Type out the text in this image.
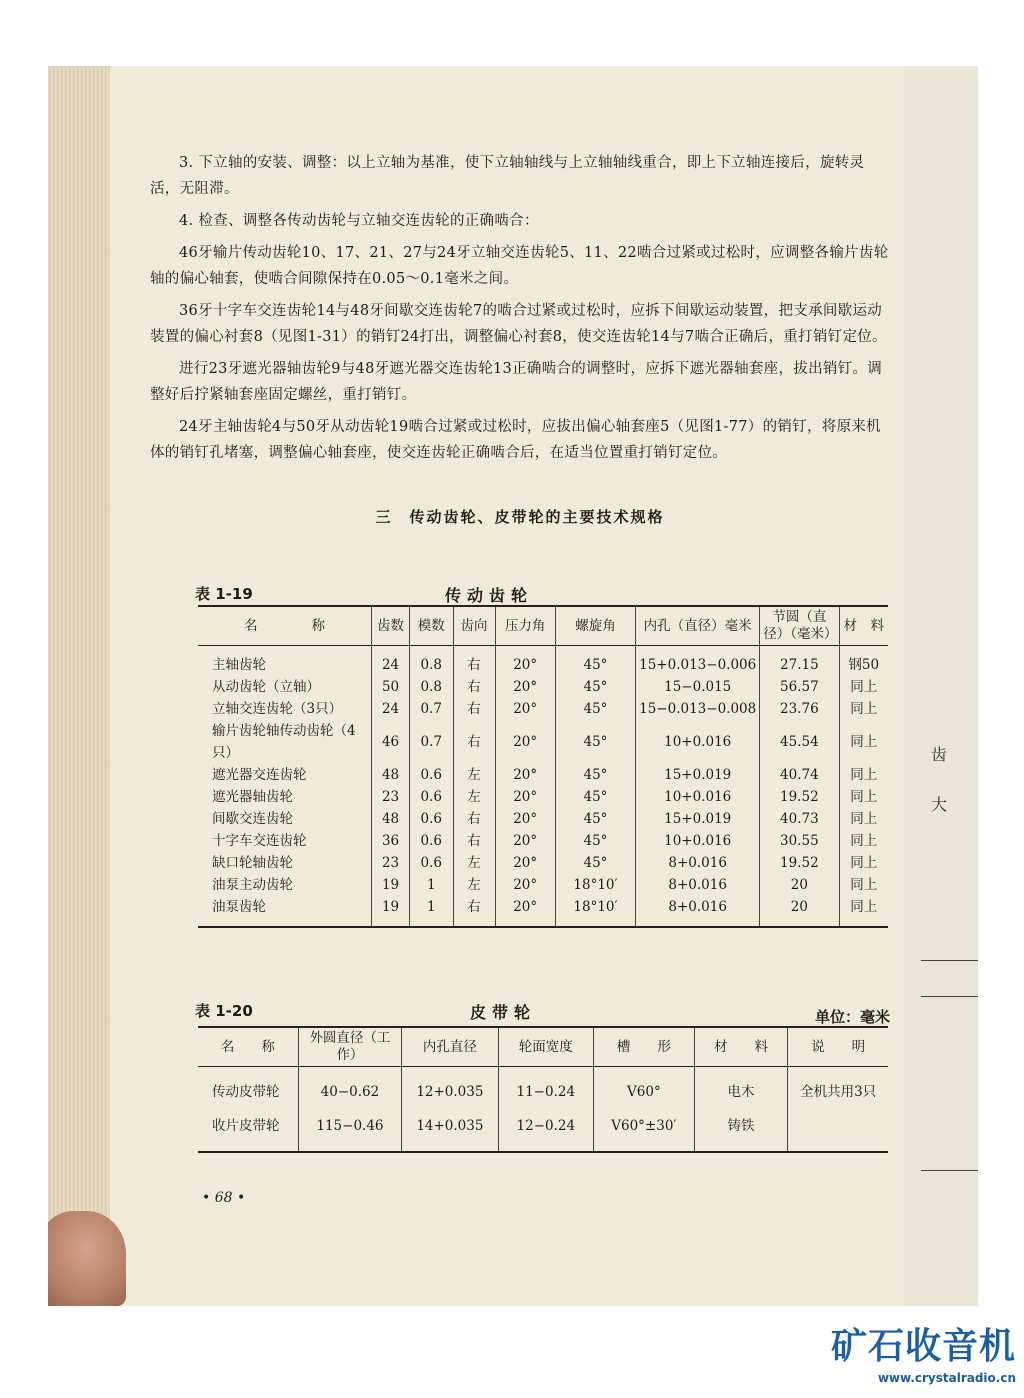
齿
大

3. 下立轴的安装、调整：以上立轴为基准，使下立轴轴线与上立轴轴线重合，即上下立轴连接后，旋转灵活，无阻滞。

4. 检查、调整各传动齿轮与立轴交连齿轮的正确啮合：

46牙输片传动齿轮10、17、21、27与24牙立轴交连齿轮5、11、22啮合过紧或过松时，应调整各输片齿轮轴的偏心轴套，使啮合间隙保持在0.05～0.1毫米之间。

36牙十字车交连齿轮14与48牙间歇交连齿轮7的啮合过紧或过松时，应拆下间歇运动装置，把支承间歇运动装置的偏心衬套8（见图1-31）的销钉24打出，调整偏心衬套8，使交连齿轮14与7啮合正确后，重打销钉定位。

进行23牙遮光器轴齿轮9与48牙遮光器交连齿轮13正确啮合的调整时，应拆下遮光器轴套座，拔出销钉。调整好后拧紧轴套座固定螺丝，重打销钉。

24牙主轴齿轮4与50牙从动齿轮19啮合过紧或过松时，应拔出偏心轴套座5（见图1-77）的销钉，将原来机体的销钉孔堵塞，调整偏心轴套座，使交连齿轮正确啮合后，在适当位置重打销钉定位。

三　传动齿轮、皮带轮的主要技术规格
表 1-19	传动齿轮
名　　　　称	齿数	模数	齿向	压力角	螺旋角	内孔（直径）毫米	节圆（直径）（毫米）	材　料
主轴齿轮	24	0.8	右	20°	45°	15+0.013−0.006	27.15	钢50
从动齿轮（立轴）	50	0.8	右	20°	45°	15−0.015	56.57	同上
立轴交连齿轮（3只）	24	0.7	右	20°	45°	15−0.013−0.008	23.76	同上
输片齿轮轴传动齿轮（4只）	46	0.7	右	20°	45°	10+0.016	45.54	同上
遮光器交连齿轮	48	0.6	左	20°	45°	15+0.019	40.74	同上
遮光器轴齿轮	23	0.6	左	20°	45°	10+0.016	19.52	同上
间歇交连齿轮	48	0.6	右	20°	45°	15+0.019	40.73	同上
十字车交连齿轮	36	0.6	右	20°	45°	10+0.016	30.55	同上
缺口轮轴齿轮	23	0.6	左	20°	45°	8+0.016	19.52	同上
油泵主动齿轮	19	1	左	20°	18°10′	8+0.016	20	同上
油泵齿轮	19	1	右	20°	18°10′	8+0.016	20	同上
表 1-20	皮带轮	单位：毫米
名　　称	外圆直径（工作）	内孔直径	轮面宽度	槽　　形	材　　料	说　　明
传动皮带轮	40−0.62	12+0.035	11−0.24	V60°	电木	全机共用3只
收片皮带轮	115−0.46	14+0.035	12−0.24	V60°±30′	铸铁	
• 68 •
矿石收音机
www.crystalradio.cn
